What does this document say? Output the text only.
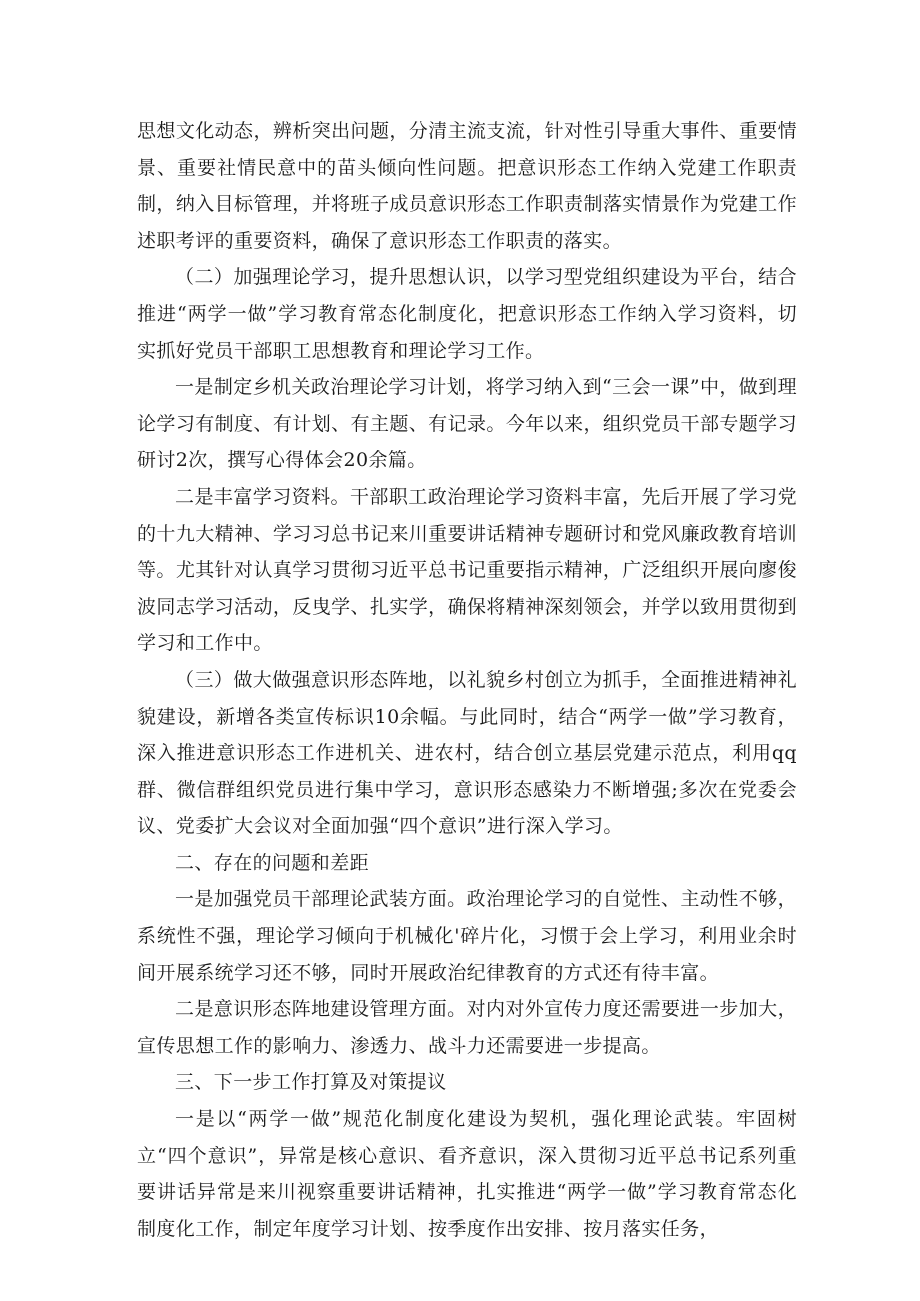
思想文化动态，辨析突出问题，分清主流支流，针对性引导重大事件、重要情景、重要社情民意中的苗头倾向性问题。把意识形态工作纳入党建工作职责制，纳入目标管理，并将班子成员意识形态工作职责制落实情景作为党建工作述职考评的重要资料，确保了意识形态工作职责的落实。

（二）加强理论学习，提升思想认识，以学习型党组织建设为平台，结合推进“两学一做”学习教育常态化制度化，把意识形态工作纳入学习资料，切实抓好党员干部职工思想教育和理论学习工作。

一是制定乡机关政治理论学习计划，将学习纳入到“三会一课”中，做到理论学习有制度、有计划、有主题、有记录。今年以来，组织党员干部专题学习研讨2次，撰写心得体会20余篇。

二是丰富学习资料。干部职工政治理论学习资料丰富，先后开展了学习党的十九大精神、学习习总书记来川重要讲话精神专题研讨和党风廉政教育培训等。尤其针对认真学习贯彻习近平总书记重要指示精神，广泛组织开展向廖俊波同志学习活动，反曳学、扎实学，确保将精神深刻领会，并学以致用贯彻到学习和工作中。

（三）做大做强意识形态阵地，以礼貌乡村创立为抓手，全面推进精神礼貌建设，新增各类宣传标识10余幅。与此同时，结合“两学一做”学习教育，深入推进意识形态工作进机关、进农村，结合创立基层党建示范点，利用qq群、微信群组织党员进行集中学习，意识形态感染力不断增强;多次在党委会议、党委扩大会议对全面加强“四个意识”进行深入学习。

二、存在的问题和差距

一是加强党员干部理论武装方面。政治理论学习的自觉性、主动性不够，系统性不强，理论学习倾向于机械化'碎片化，习惯于会上学习，利用业余时间开展系统学习还不够，同时开展政治纪律教育的方式还有待丰富。

二是意识形态阵地建设管理方面。对内对外宣传力度还需要进一步加大，宣传思想工作的影响力、渗透力、战斗力还需要进一步提高。

三、下一步工作打算及对策提议

一是以“两学一做”规范化制度化建设为契机，强化理论武装。牢固树立“四个意识”，异常是核心意识、看齐意识，深入贯彻习近平总书记系列重要讲话异常是来川视察重要讲话精神，扎实推进“两学一做”学习教育常态化制度化工作，制定年度学习计划、按季度作出安排、按月落实任务，
